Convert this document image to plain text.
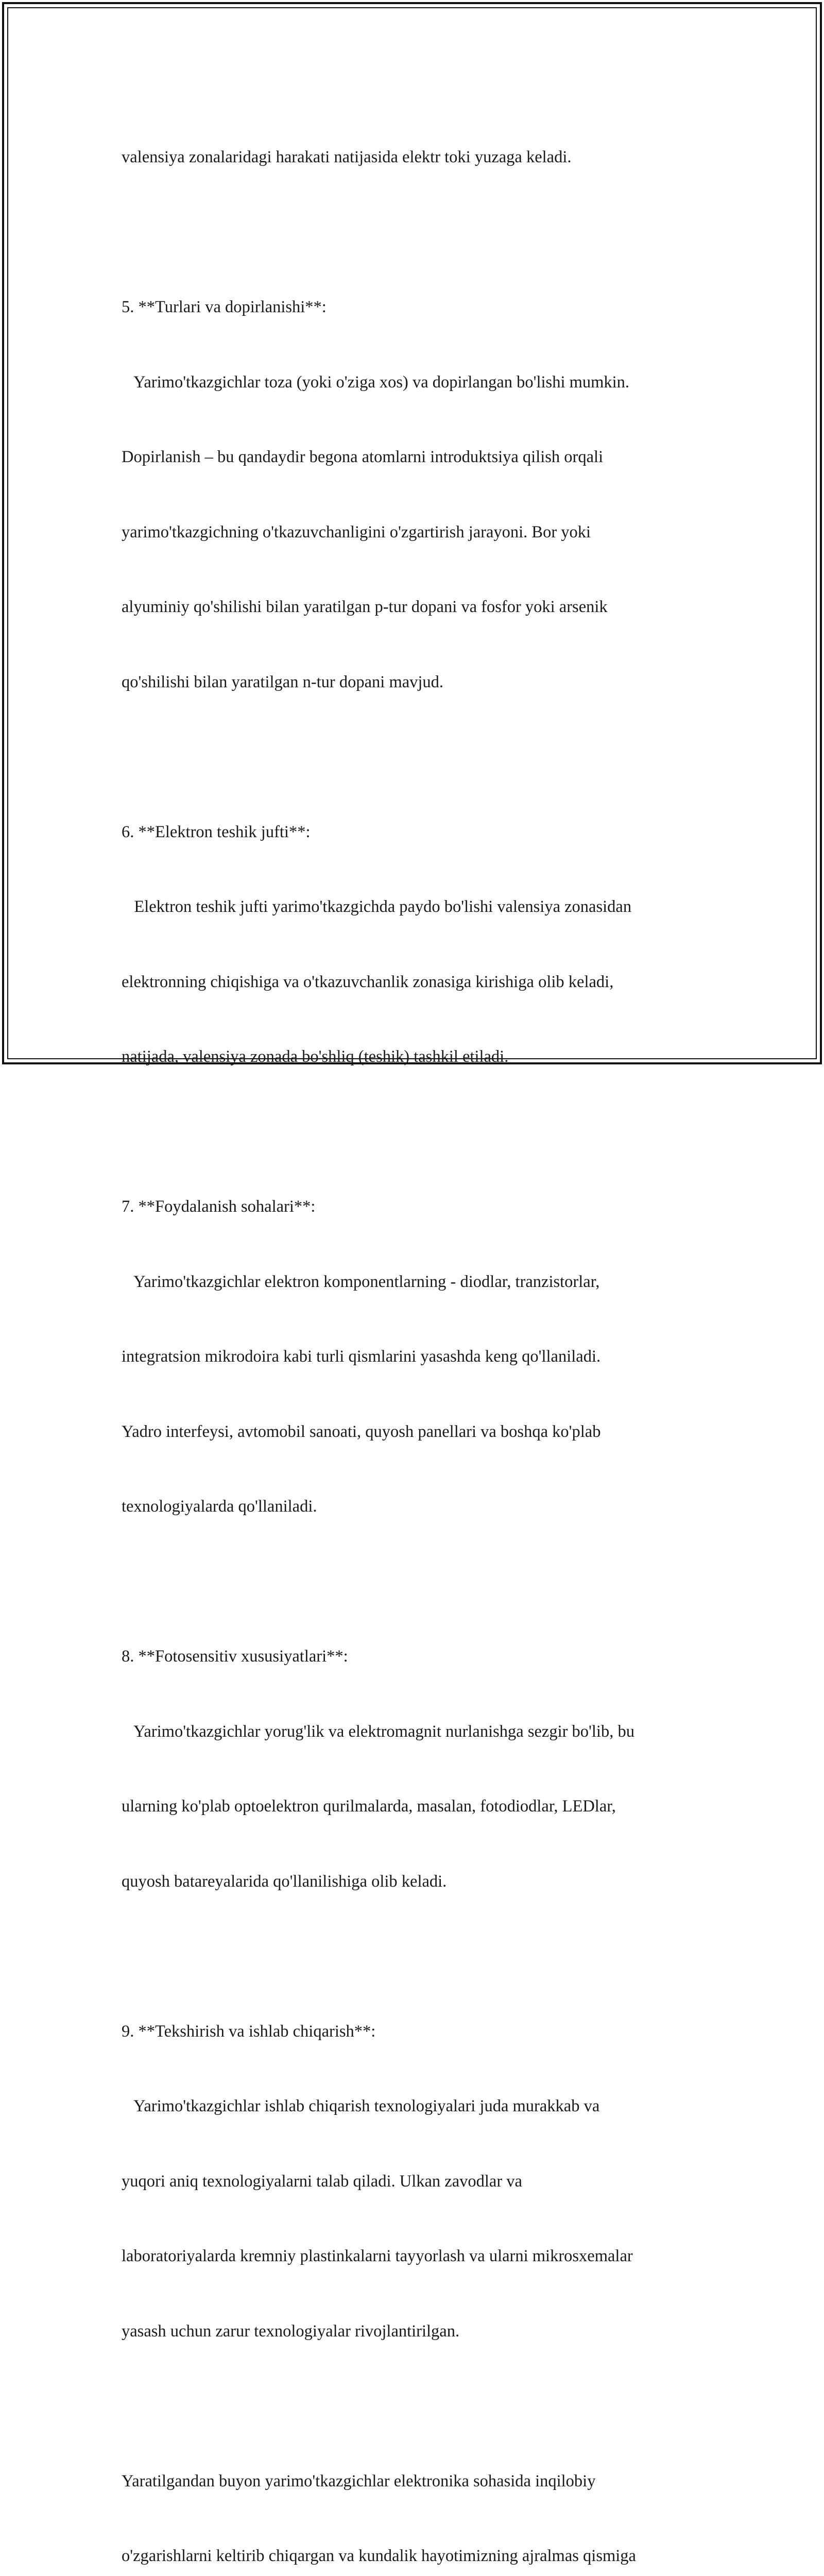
valensiya zonalaridagi harakati natijasida elektr toki yuzaga keladi.

5. **Turlari va dopirlanishi**:

Yarimo'tkazgichlar toza (yoki o'ziga xos) va dopirlangan bo'lishi mumkin.

Dopirlanish – bu qandaydir begona atomlarni introduktsiya qilish orqali

yarimo'tkazgichning o'tkazuvchanligini o'zgartirish jarayoni. Bor yoki

alyuminiy qo'shilishi bilan yaratilgan p-tur dopani va fosfor yoki arsenik

qo'shilishi bilan yaratilgan n-tur dopani mavjud.

6. **Elektron teshik jufti**:

Elektron teshik jufti yarimo'tkazgichda paydo bo'lishi valensiya zonasidan

elektronning chiqishiga va o'tkazuvchanlik zonasiga kirishiga olib keladi,

natijada, valensiya zonada bo'shliq (teshik) tashkil etiladi.

7. **Foydalanish sohalari**:

Yarimo'tkazgichlar elektron komponentlarning - diodlar, tranzistorlar,

integratsion mikrodoira kabi turli qismlarini yasashda keng qo'llaniladi.

Yadro interfeysi, avtomobil sanoati, quyosh panellari va boshqa ko'plab

texnologiyalarda qo'llaniladi.

8. **Fotosensitiv xususiyatlari**:

Yarimo'tkazgichlar yorug'lik va elektromagnit nurlanishga sezgir bo'lib, bu

ularning ko'plab optoelektron qurilmalarda, masalan, fotodiodlar, LEDlar,

quyosh batareyalarida qo'llanilishiga olib keladi.

9. **Tekshirish va ishlab chiqarish**:

Yarimo'tkazgichlar ishlab chiqarish texnologiyalari juda murakkab va

yuqori aniq texnologiyalarni talab qiladi. Ulkan zavodlar va

laboratoriyalarda kremniy plastinkalarni tayyorlash va ularni mikrosxemalar

yasash uchun zarur texnologiyalar rivojlantirilgan.

Yaratilgandan buyon yarimo'tkazgichlar elektronika sohasida inqilobiy

o'zgarishlarni keltirib chiqargan va kundalik hayotimizning ajralmas qismiga
